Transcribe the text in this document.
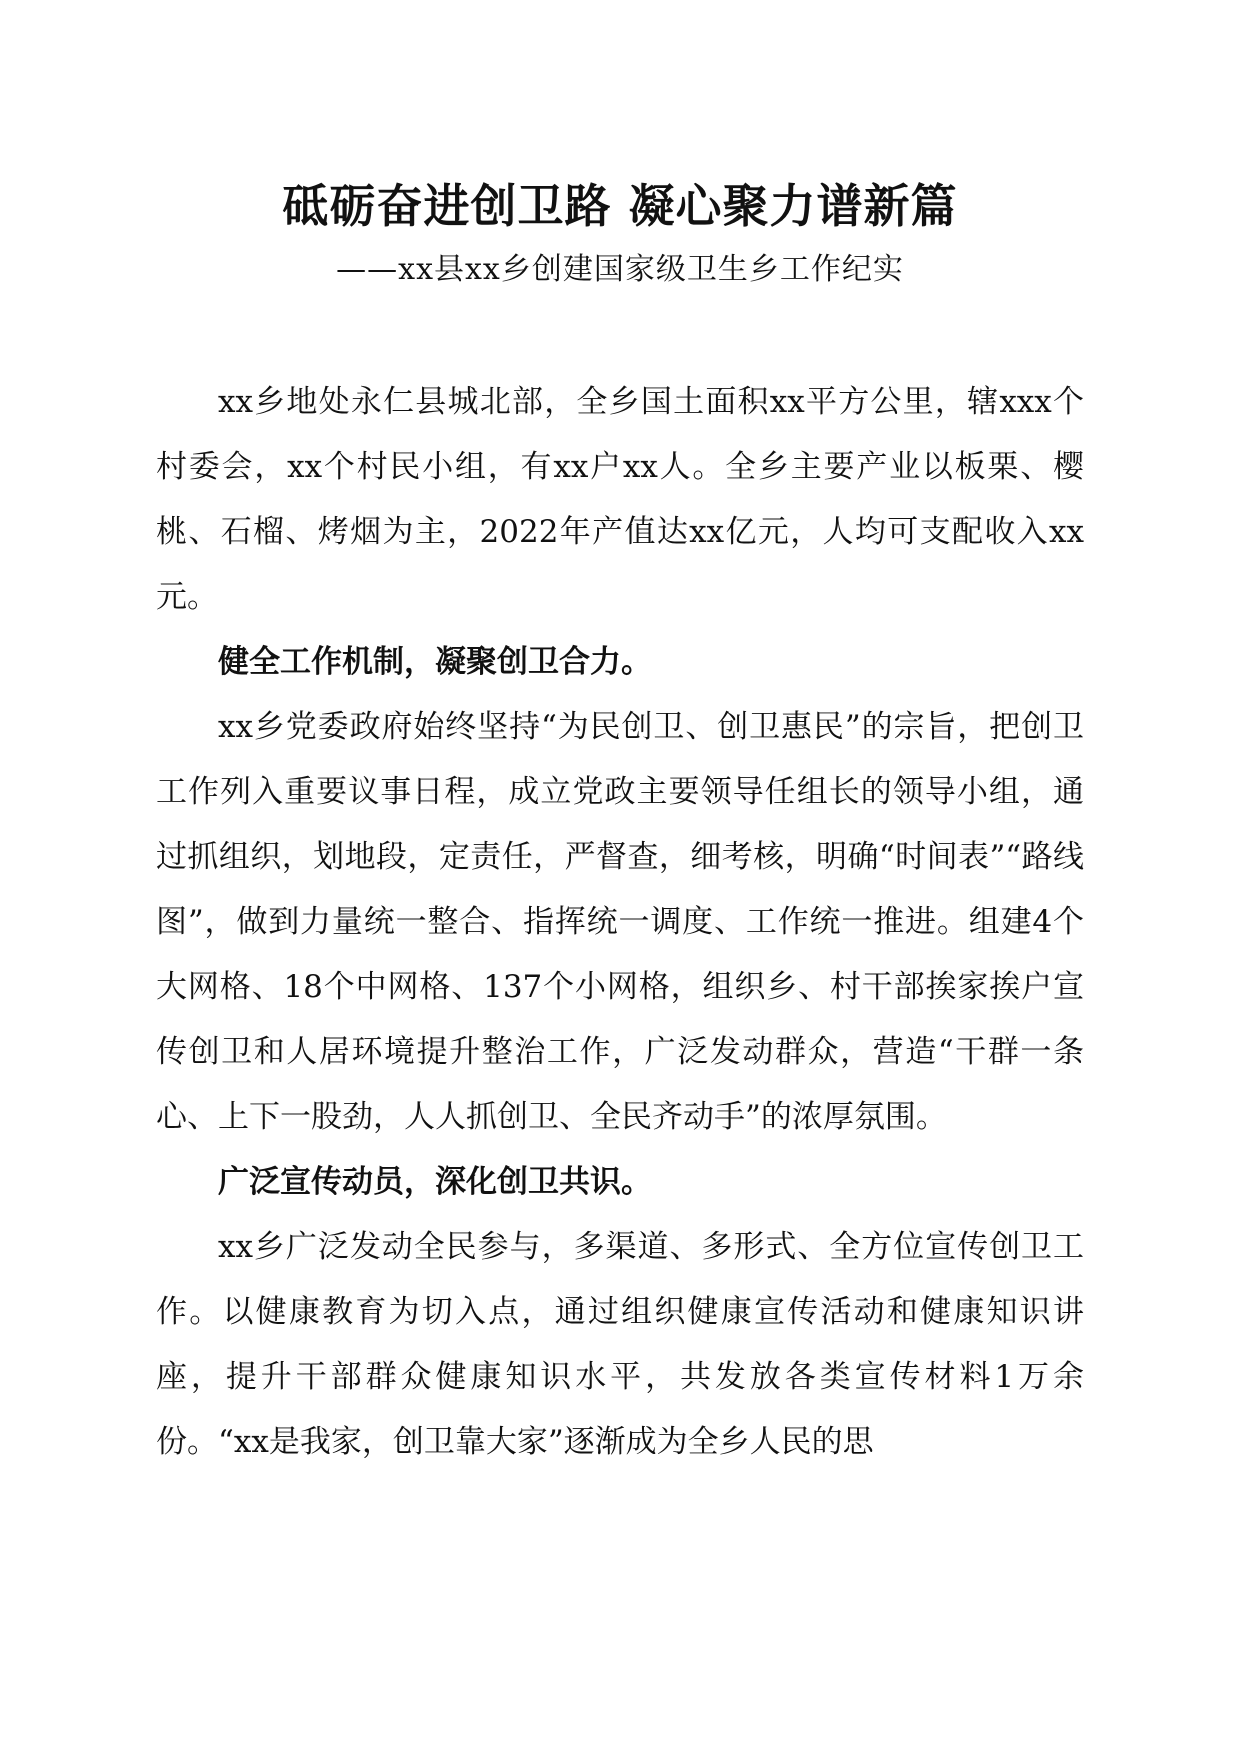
砥砺奋进创卫路 凝心聚力谱新篇
——xx县xx乡创建国家级卫生乡工作纪实

xx乡地处永仁县城北部，全乡国土面积xx平方公里，辖xxx个村委会，xx个村民小组，有xx户xx人。全乡主要产业以板栗、樱桃、石榴、烤烟为主，2022年产值达xx亿元，人均可支配收入xx元。

健全工作机制，凝聚创卫合力。

xx乡党委政府始终坚持“为民创卫、创卫惠民”的宗旨，把创卫工作列入重要议事日程，成立党政主要领导任组长的领导小组，通过抓组织，划地段，定责任，严督查，细考核，明确“时间表”“路线图”，做到力量统一整合、指挥统一调度、工作统一推进。组建4个大网格、18个中网格、137个小网格，组织乡、村干部挨家挨户宣传创卫和人居环境提升整治工作，广泛发动群众，营造“干群一条心、上下一股劲，人人抓创卫、全民齐动手”的浓厚氛围。

广泛宣传动员，深化创卫共识。

xx乡广泛发动全民参与，多渠道、多形式、全方位宣传创卫工作。以健康教育为切入点，通过组织健康宣传活动和健康知识讲座，提升干部群众健康知识水平，共发放各类宣传材料1万余份。“xx是我家，创卫靠大家”逐渐成为全乡人民的思
